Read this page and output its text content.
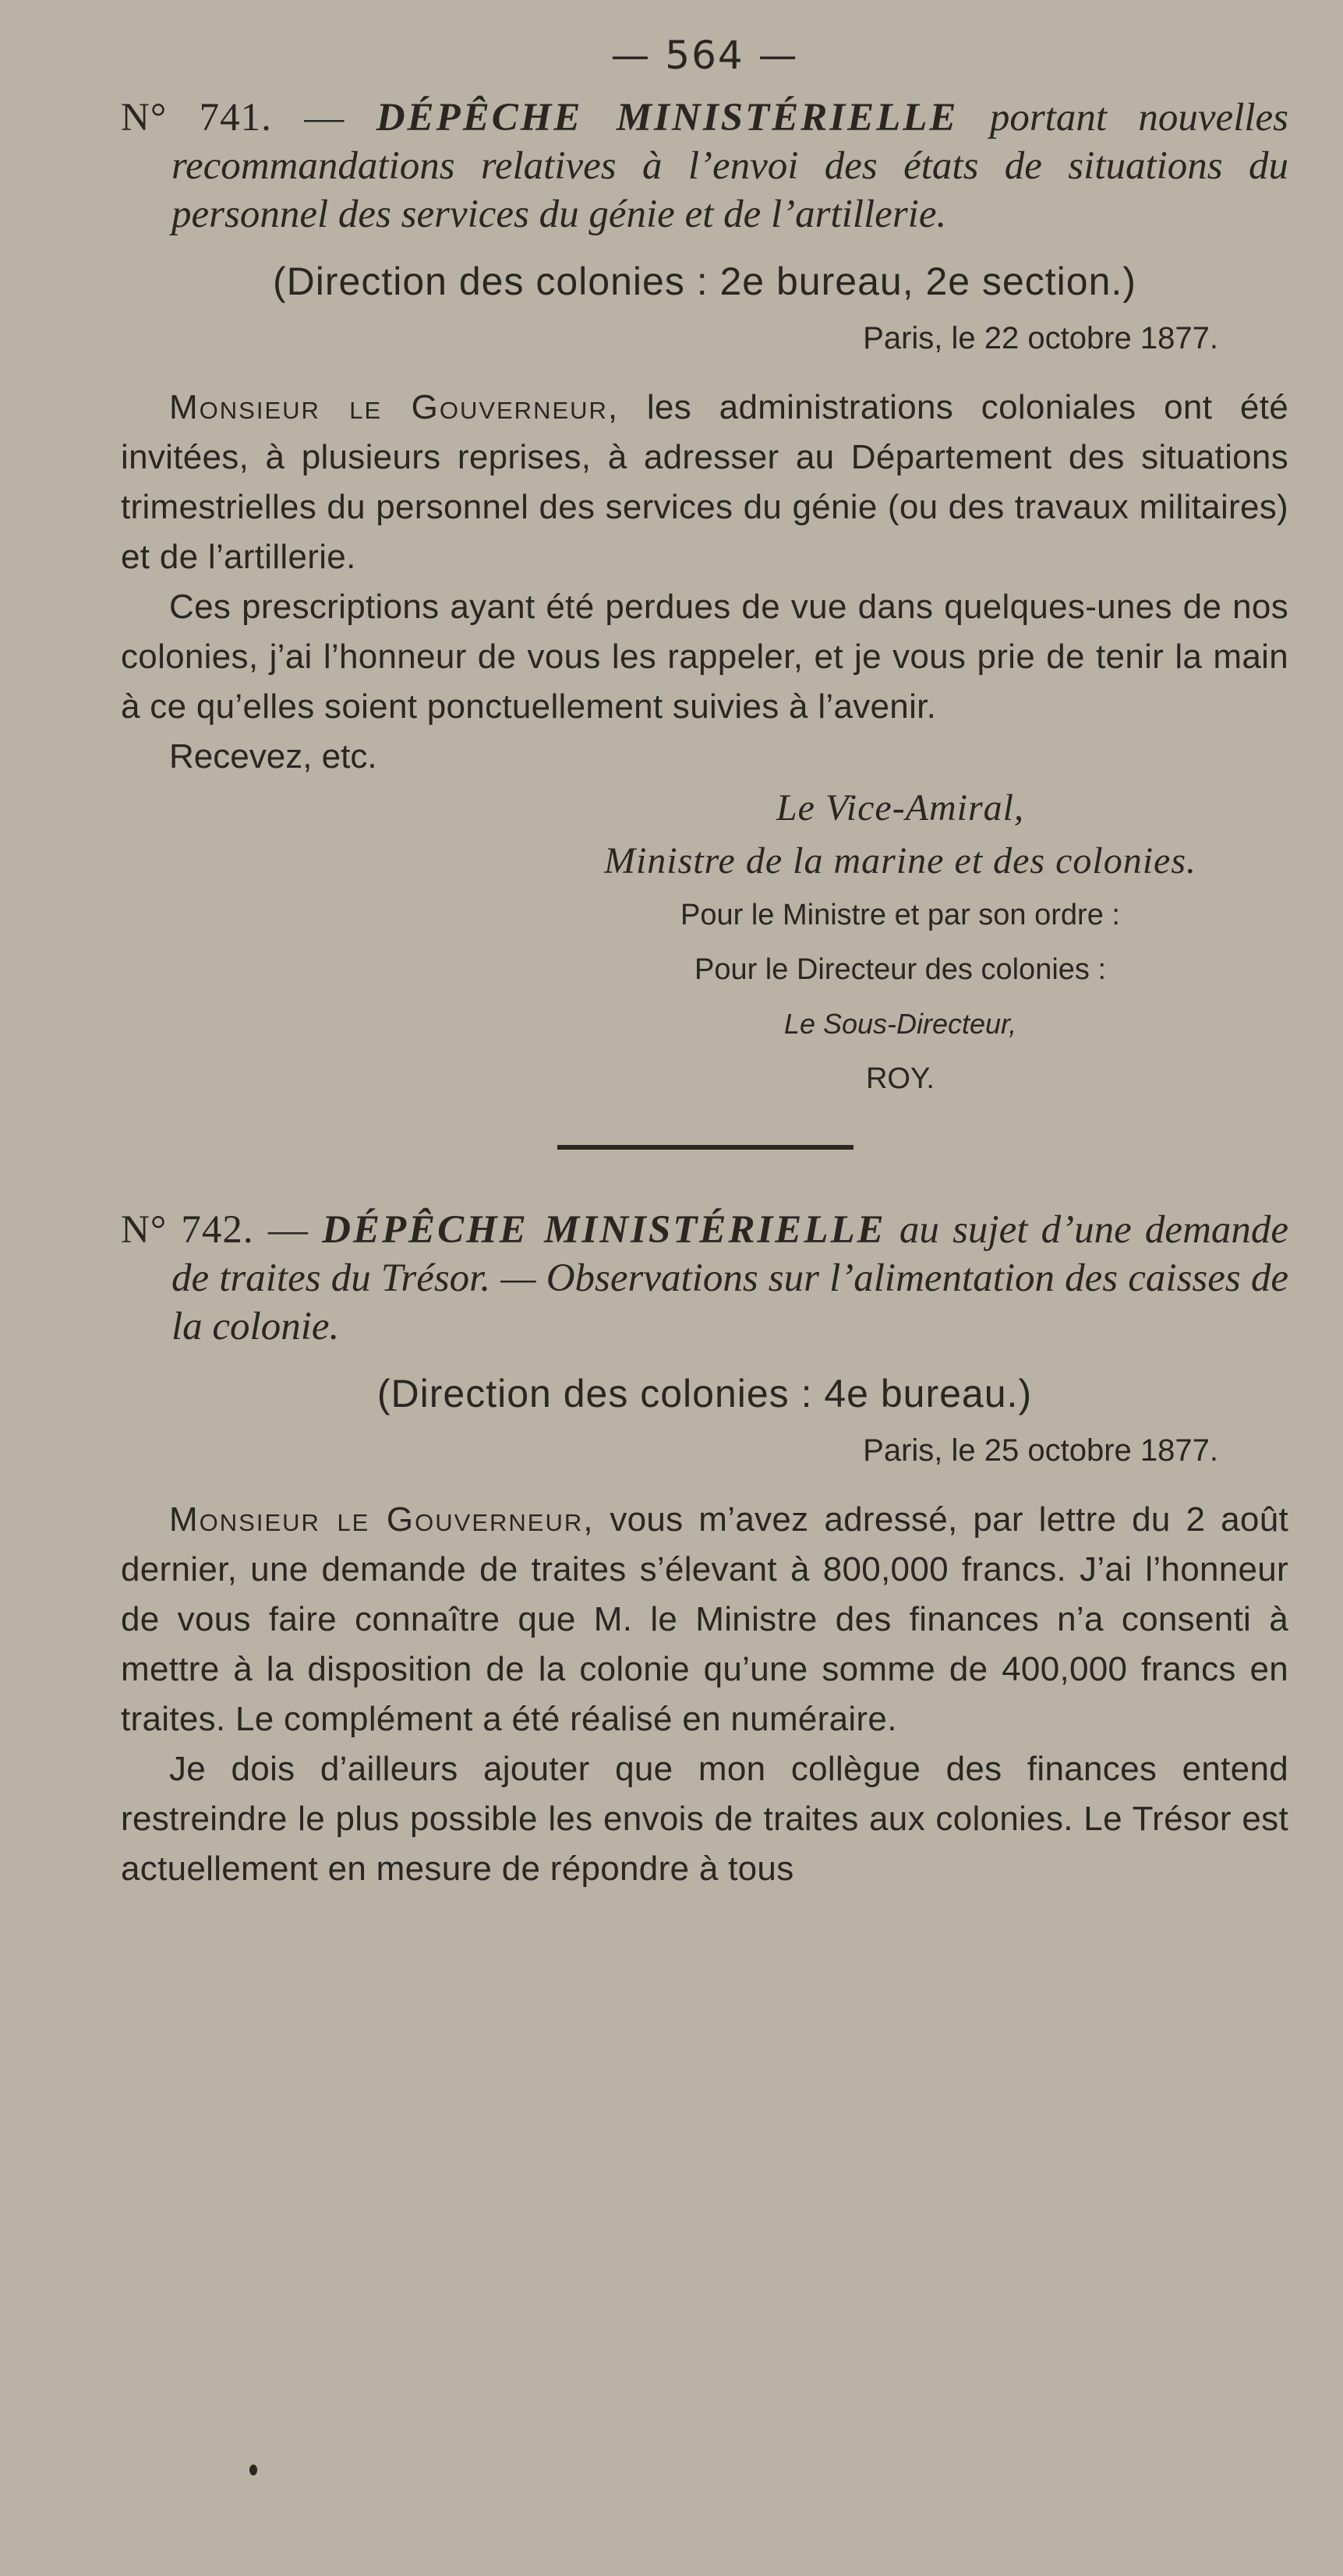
— 564 —

N° 741. — DÉPÊCHE MINISTÉRIELLE portant nouvelles recommandations relatives à l’envoi des états de situations du personnel des services du génie et de l’artillerie.

(Direction des colonies : 2e bureau, 2e section.)
Paris, le 22 octobre 1877.

Monsieur le Gouverneur, les administrations coloniales ont été invitées, à plusieurs reprises, à adresser au Département des situations trimestrielles du personnel des services du génie (ou des travaux militaires) et de l’artillerie.

Ces prescriptions ayant été perdues de vue dans quelques-unes de nos colonies, j’ai l’honneur de vous les rappeler, et je vous prie de tenir la main à ce qu’elles soient ponctuellement suivies à l’avenir.

Recevez, etc.

Le Vice-Amiral,
Ministre de la marine et des colonies.
Pour le Ministre et par son ordre :
Pour le Directeur des colonies :
Le Sous-Directeur,
ROY.

N° 742. — DÉPÊCHE MINISTÉRIELLE au sujet d’une demande de traites du Trésor. — Observations sur l’alimentation des caisses de la colonie.

(Direction des colonies : 4e bureau.)
Paris, le 25 octobre 1877.

Monsieur le Gouverneur, vous m’avez adressé, par lettre du 2 août dernier, une demande de traites s’élevant à 800,000 francs. J’ai l’honneur de vous faire connaître que M. le Ministre des finances n’a consenti à mettre à la disposition de la colonie qu’une somme de 400,000 francs en traites. Le complément a été réalisé en numéraire.

Je dois d’ailleurs ajouter que mon collègue des finances entend restreindre le plus possible les envois de traites aux colonies. Le Trésor est actuellement en mesure de répondre à tous
